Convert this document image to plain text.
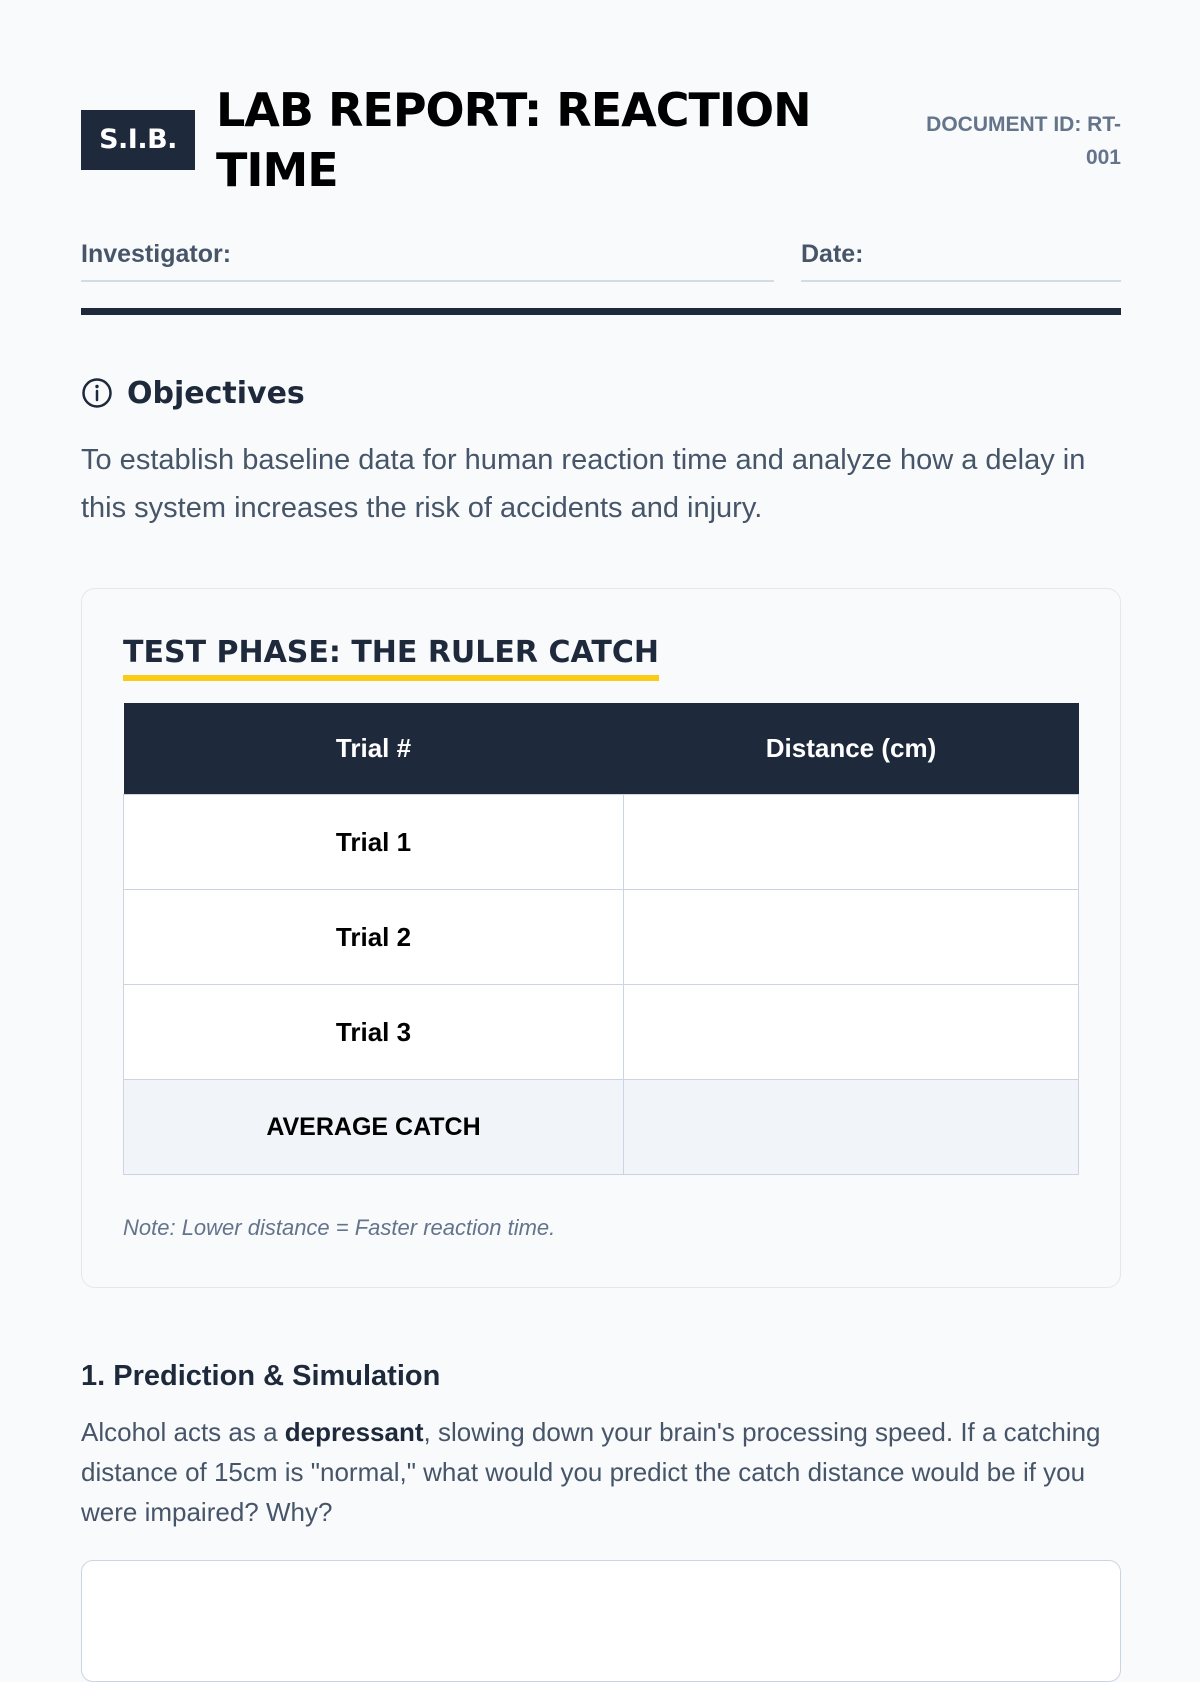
S.I.B.
LAB REPORT: REACTION TIME
DOCUMENT ID: RT-001
Investigator:	Date:
Objectives

To establish baseline data for human reaction time and analyze how a delay in this system increases the risk of accidents and injury.

TEST PHASE: THE RULER CATCH
Trial #	Distance (cm)
Trial 1	
Trial 2	
Trial 3	
AVERAGE CATCH	

Note: Lower distance = Faster reaction time.

1. Prediction & Simulation

Alcohol acts as a depressant, slowing down your brain's processing speed. If a catching distance of 15cm is "normal," what would you predict the catch distance would be if you were impaired? Why?
